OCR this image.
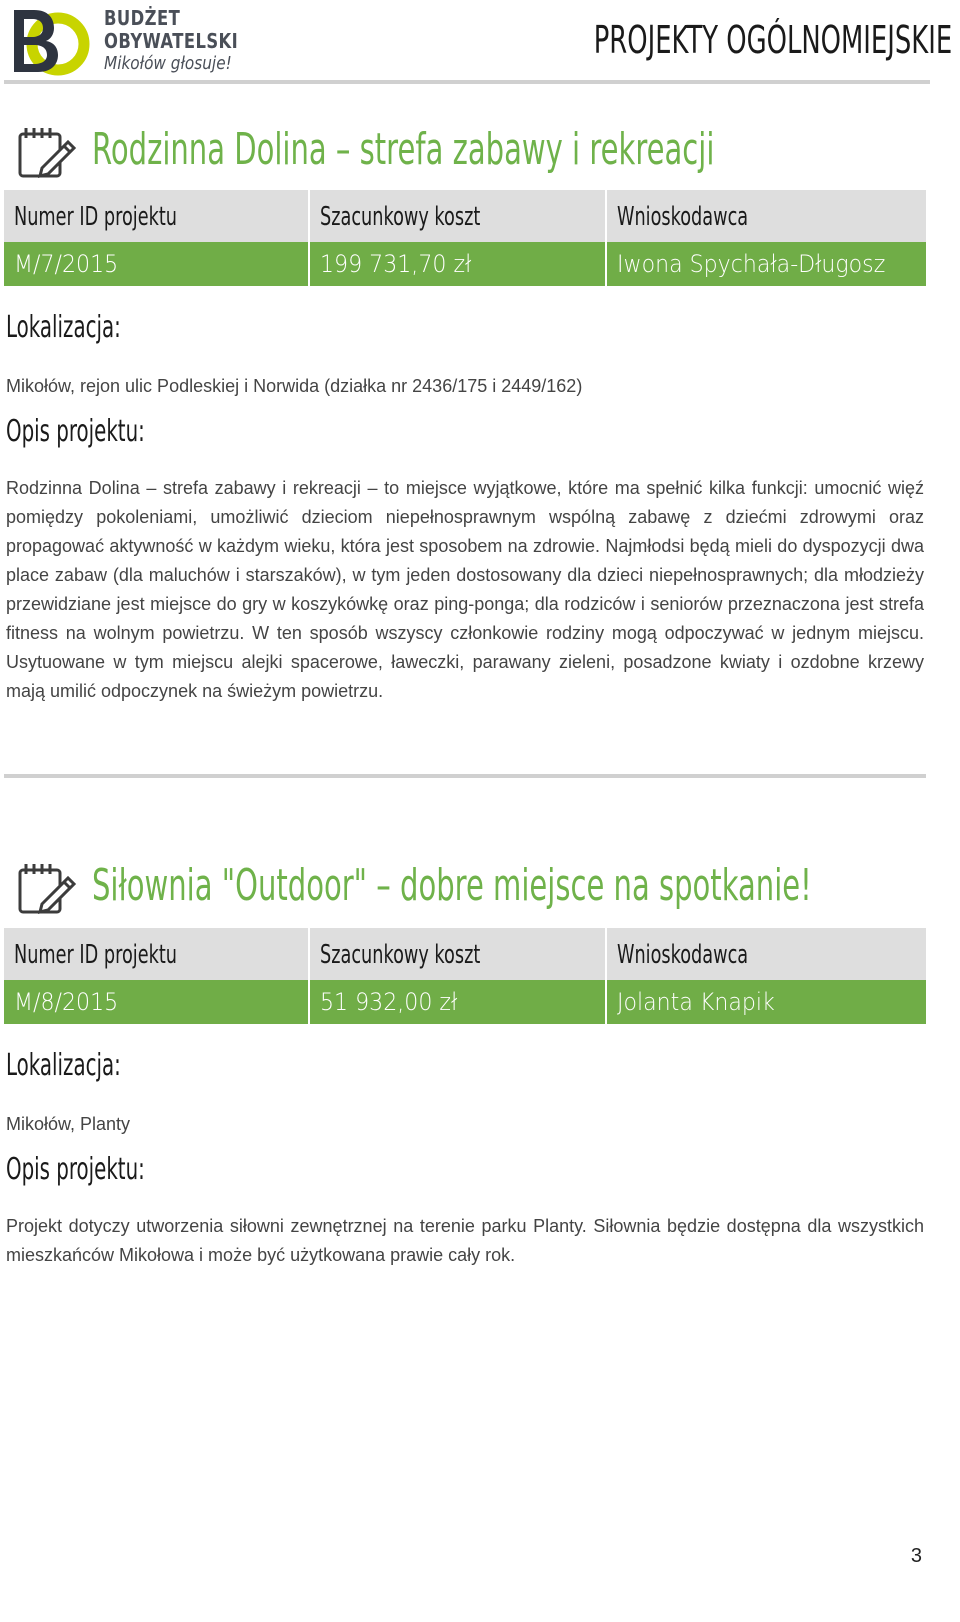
BUDŻET
OBYWATELSKI
Mikołów głosuje!
PROJEKTY OGÓLNOMIEJSKIE
Rodzinna Dolina – strefa zabawy i rekreacji
Numer ID projektu	Szacunkowy koszt	Wnioskodawca
M/7/2015	199 731,70 zł	Iwona Spychała-Długosz
Lokalizacja:
Mikołów, rejon ulic Podleskiej i Norwida (działka nr 2436/175 i 2449/162)
Opis projektu:
Rodzinna Dolina – strefa zabawy i rekreacji – to miejsce wyjątkowe, które ma spełnić kilka funkcji: umocnić więź pomiędzy pokoleniami, umożliwić dzieciom niepełnosprawnym wspólną zabawę z dziećmi zdrowymi oraz propagować aktywność w każdym wieku, która jest sposobem na zdrowie. Najmłodsi będą mieli do dyspozycji dwa place zabaw (dla maluchów i starszaków), w tym jeden dostosowany dla dzieci niepełnosprawnych; dla młodzieży przewidziane jest miejsce do gry w koszykówkę oraz ping-ponga; dla rodziców i seniorów przeznaczona jest strefa fitness na wolnym powietrzu. W ten sposób wszyscy członkowie rodziny mogą odpoczywać w jednym miejscu. Usytuowane w tym miejscu alejki spacerowe, ławeczki, parawany zieleni, posadzone kwiaty i ozdobne krzewy mają umilić odpoczynek na świeżym powietrzu.
Siłownia "Outdoor" – dobre miejsce na spotkanie!
Numer ID projektu	Szacunkowy koszt	Wnioskodawca
M/8/2015	51 932,00 zł	Jolanta Knapik
Lokalizacja:
Mikołów, Planty
Opis projektu:
Projekt dotyczy utworzenia siłowni zewnętrznej na terenie parku Planty. Siłownia będzie dostępna dla wszystkich mieszkańców Mikołowa i może być użytkowana prawie cały rok.
3
